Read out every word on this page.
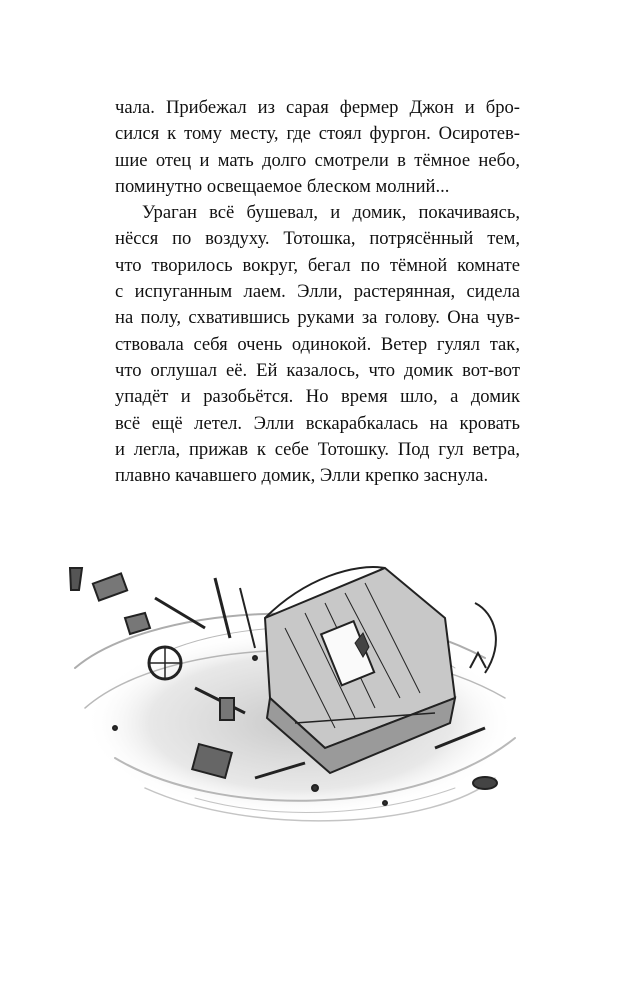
чала. Прибежал из сарая фермер Джон и бро-
сился к тому месту, где стоял фургон. Осиротев-
шие отец и мать долго смотрели в тёмное небо,
поминутно освещаемое блеском молний...
Ураган всё бушевал, и домик, покачиваясь,
нёсся по воздуху. Тотошка, потрясённый тем,
что творилось вокруг, бегал по тёмной комнате
с испуганным лаем. Элли, растерянная, сидела
на полу, схватившись руками за голову. Она чув-
ствовала себя очень одинокой. Ветер гулял так,
что оглушал её. Ей казалось, что домик вот-вот
упадёт и разобьётся. Но время шло, а домик
всё ещё летел. Элли вскарабкалась на кровать
и легла, прижав к себе Тотошку. Под гул ветра,
плавно качавшего домик, Элли крепко заснула.
